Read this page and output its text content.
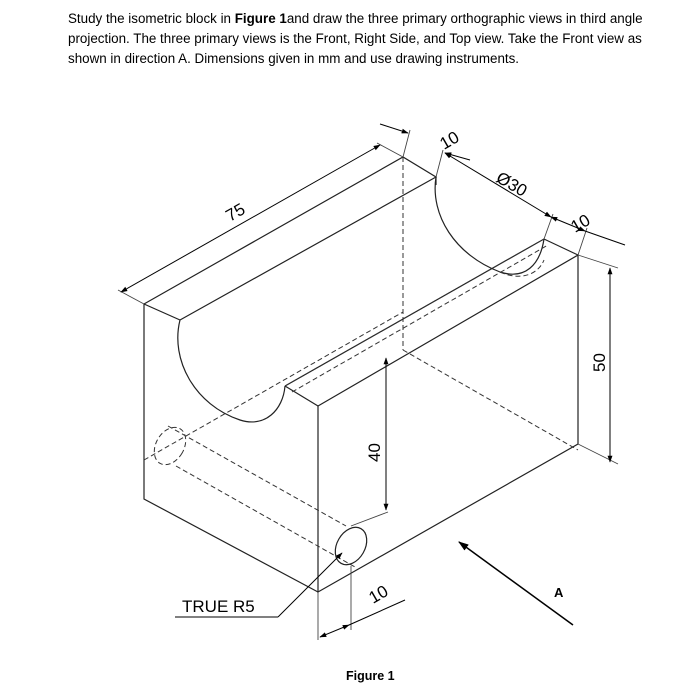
Study the isometric block in Figure 1and draw the three primary orthographic views in third angle projection. The three primary views is the Front, Right Side, and Top view. Take the Front view as shown in direction A. Dimensions given in mm and use drawing instruments.

75
10
Ø30
10
50
40
10
TRUE R5
A
Figure 1
